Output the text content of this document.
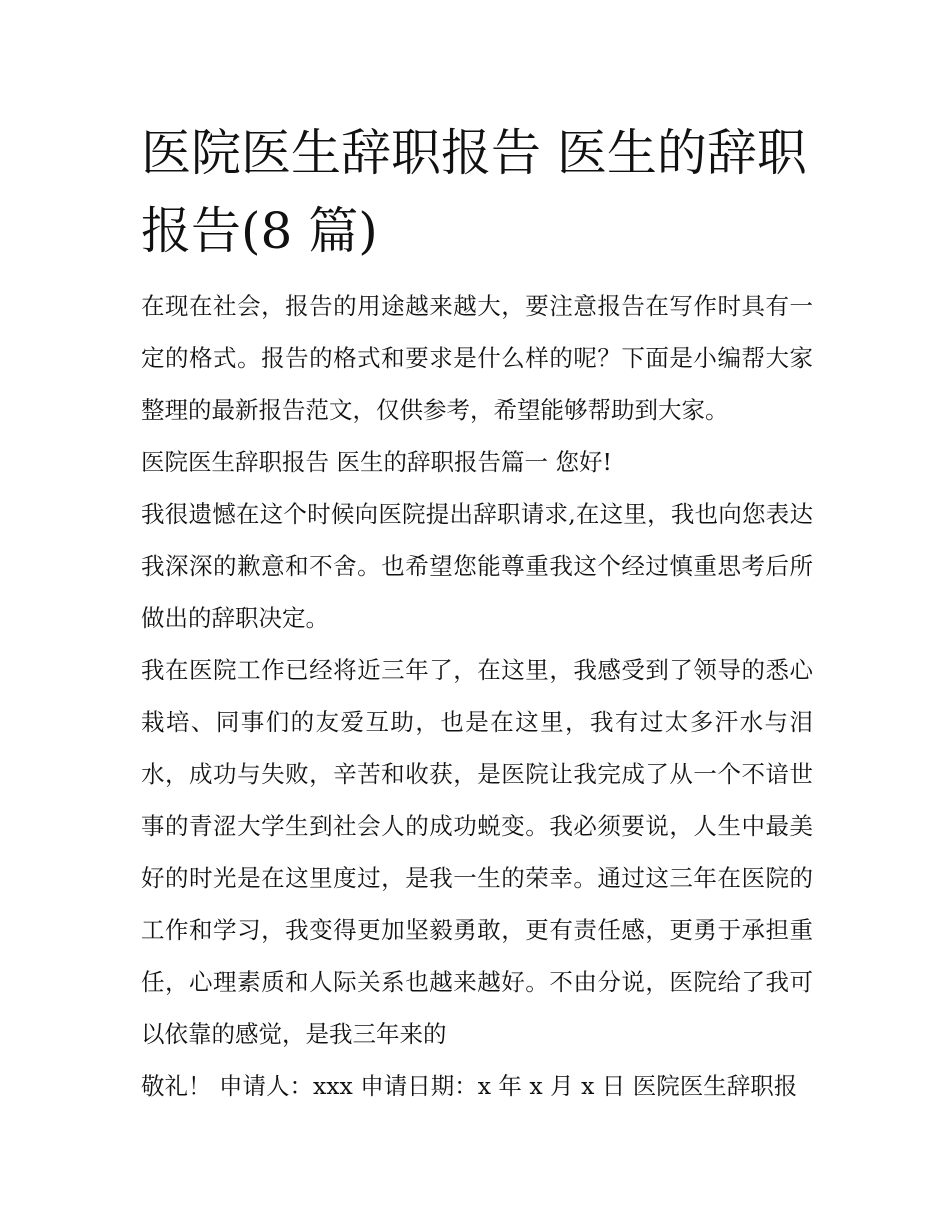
医院医生辞职报告 医生的辞职报告(8 篇)

在现在社会，报告的用途越来越大，要注意报告在写作时具有一定的格式。报告的格式和要求是什么样的呢？下面是小编帮大家整理的最新报告范文，仅供参考，希望能够帮助到大家。

医院医生辞职报告 医生的辞职报告篇一 您好!

我很遗憾在这个时候向医院提出辞职请求,在这里，我也向您表达我深深的歉意和不舍。也希望您能尊重我这个经过慎重思考后所做出的辞职决定。

我在医院工作已经将近三年了，在这里，我感受到了领导的悉心栽培、同事们的友爱互助，也是在这里，我有过太多汗水与泪水，成功与失败，辛苦和收获，是医院让我完成了从一个不谙世事的青涩大学生到社会人的成功蜕变。我必须要说，人生中最美好的时光是在这里度过，是我一生的荣幸。通过这三年在医院的工作和学习，我变得更加坚毅勇敢，更有责任感，更勇于承担重任，心理素质和人际关系也越来越好。不由分说，医院给了我可以依靠的感觉，是我三年来的

敬礼！ 申请人：xxx 申请日期：x 年 x 月 x 日 医院医生辞职报
